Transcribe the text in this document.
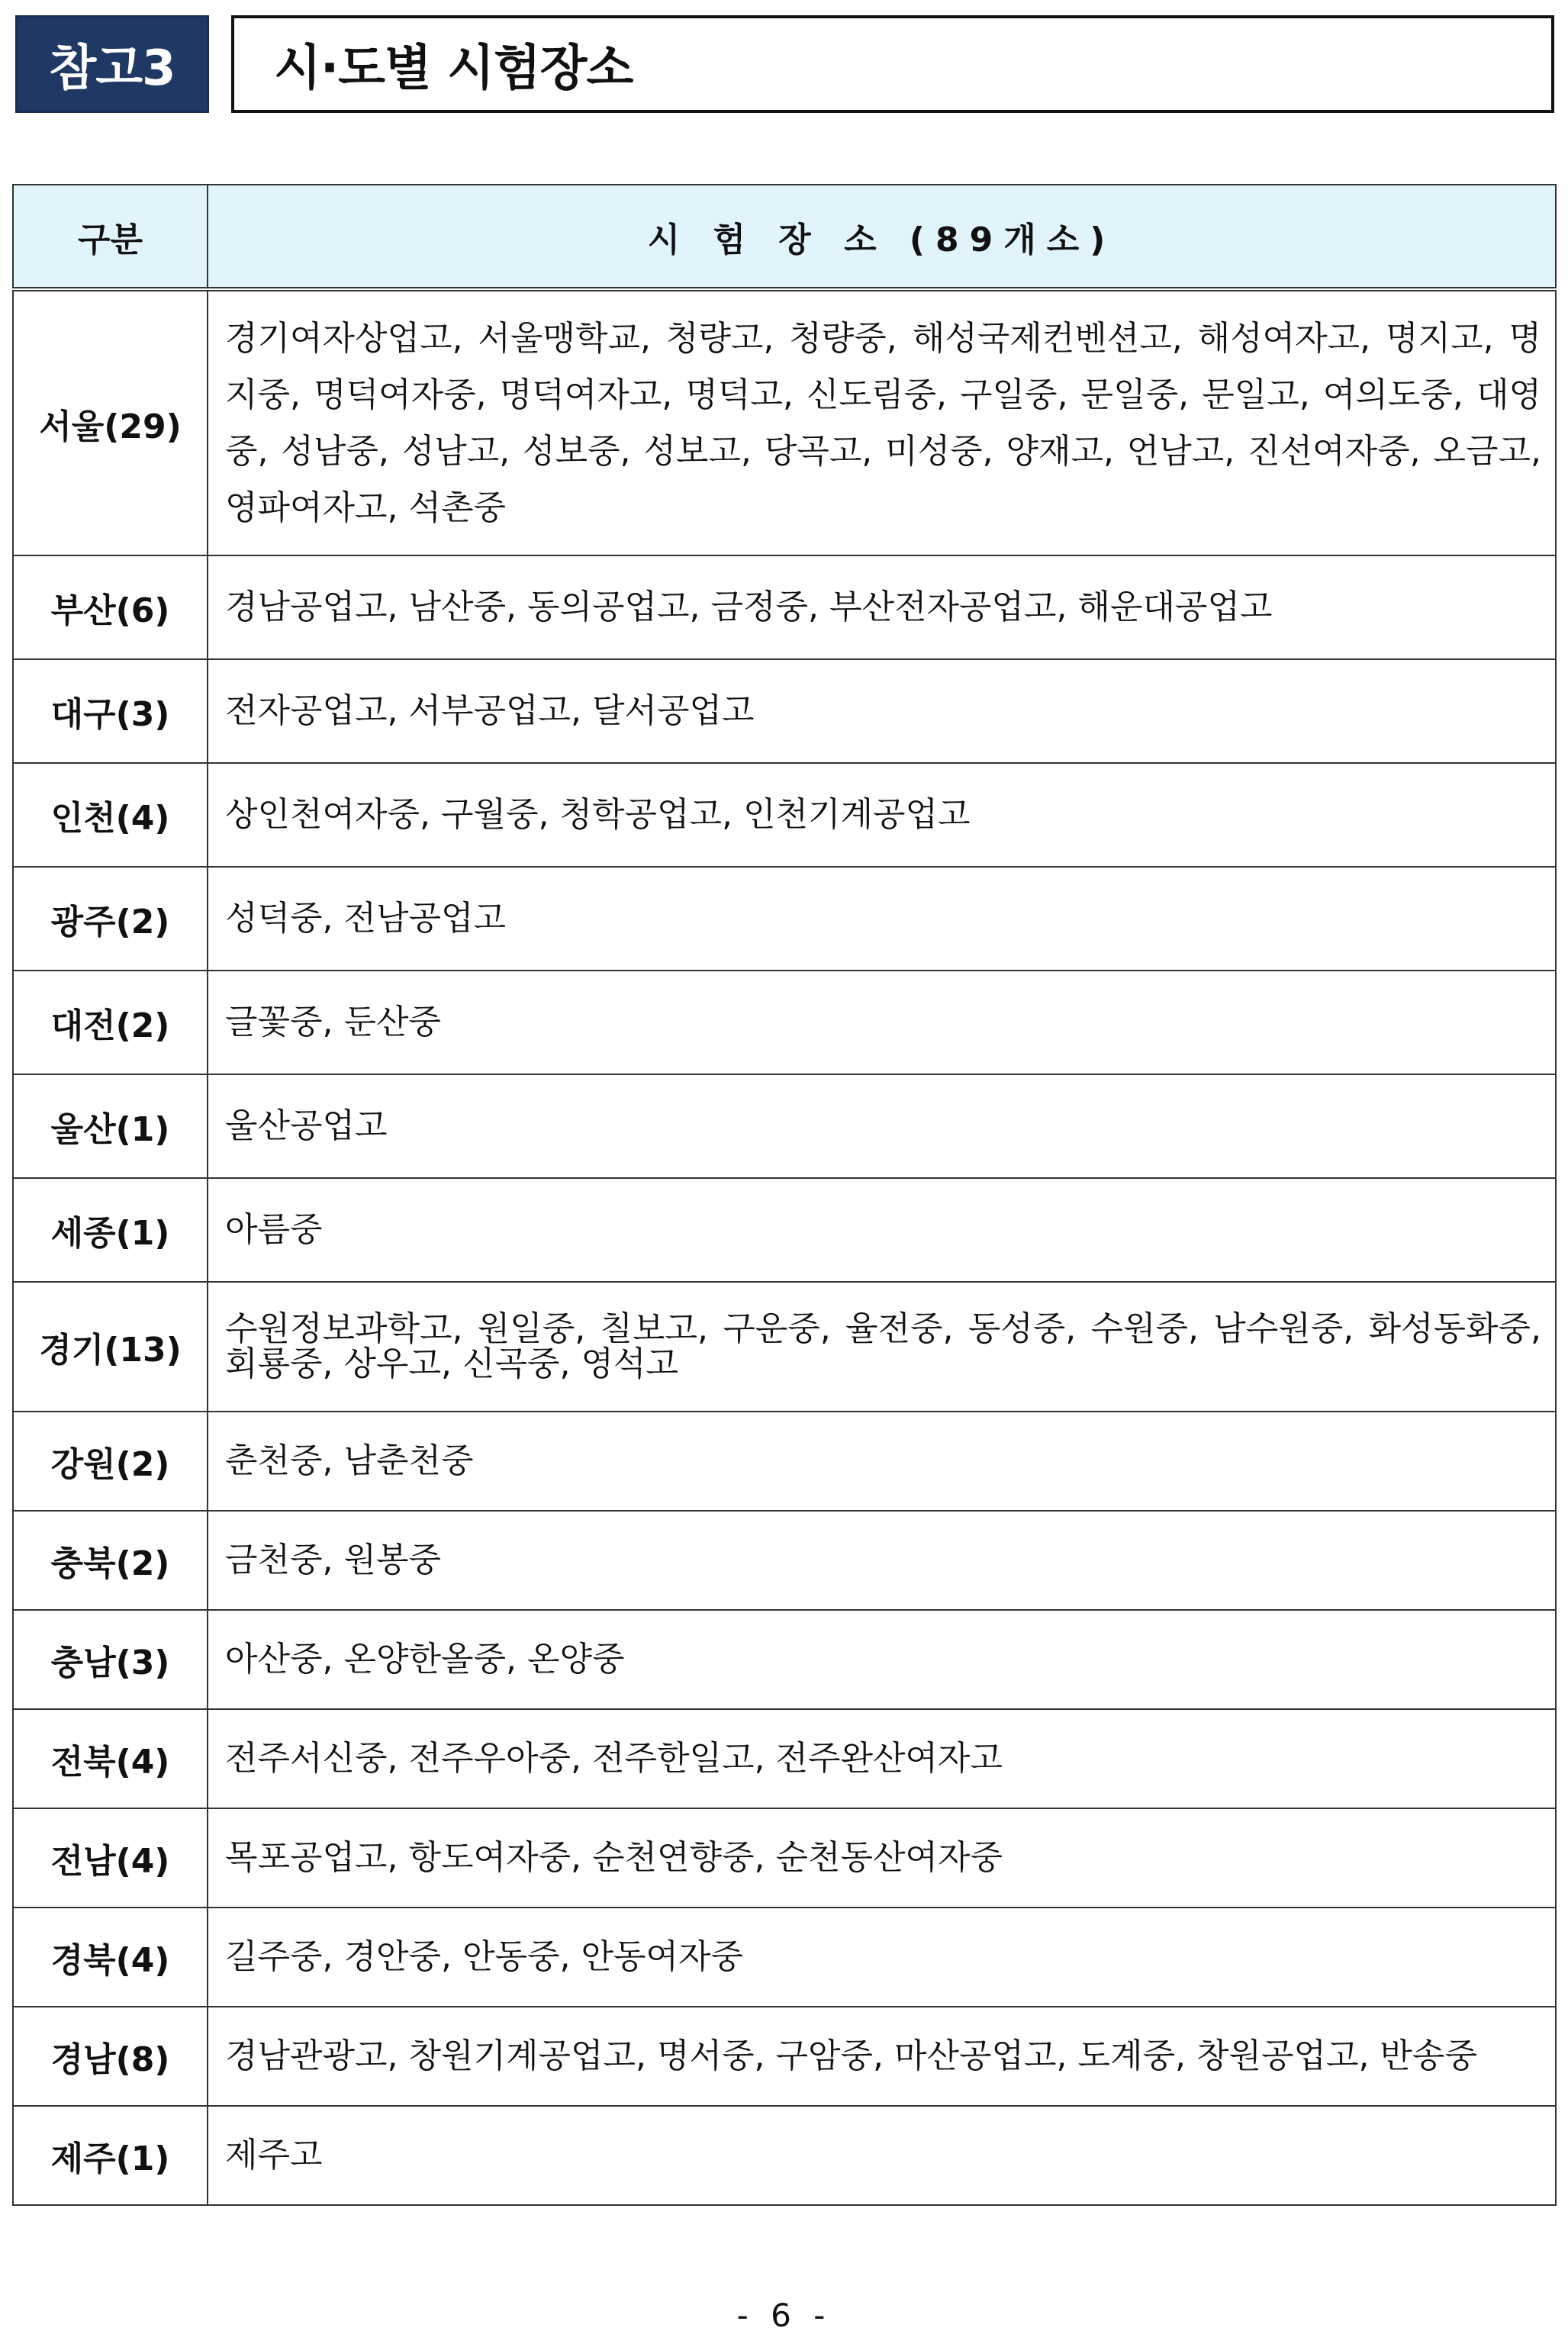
참고3	시·도별 시험장소
구분	시 험 장 소 (89개소)
서울(29)	경기여자상업고, 서울맹학교, 청량고, 청량중, 해성국제컨벤션고, 해성여자고, 명지고, 명지중, 명덕여자중, 명덕여자고, 명덕고, 신도림중, 구일중, 문일중, 문일고, 여의도중, 대영중, 성남중, 성남고, 성보중, 성보고, 당곡고, 미성중, 양재고, 언남고, 진선여자중, 오금고, 영파여자고, 석촌중
부산(6)	경남공업고, 남산중, 동의공업고, 금정중, 부산전자공업고, 해운대공업고
대구(3)	전자공업고, 서부공업고, 달서공업고
인천(4)	상인천여자중, 구월중, 청학공업고, 인천기계공업고
광주(2)	성덕중, 전남공업고
대전(2)	글꽃중, 둔산중
울산(1)	울산공업고
세종(1)	아름중
경기(13)	수원정보과학고, 원일중, 칠보고, 구운중, 율전중, 동성중, 수원중, 남수원중, 화성동화중, 회룡중, 상우고, 신곡중, 영석고
강원(2)	춘천중, 남춘천중
충북(2)	금천중, 원봉중
충남(3)	아산중, 온양한올중, 온양중
전북(4)	전주서신중, 전주우아중, 전주한일고, 전주완산여자고
전남(4)	목포공업고, 항도여자중, 순천연향중, 순천동산여자중
경북(4)	길주중, 경안중, 안동중, 안동여자중
경남(8)	경남관광고, 창원기계공업고, 명서중, 구암중, 마산공업고, 도계중, 창원공업고, 반송중
제주(1)	제주고
- 6 -
